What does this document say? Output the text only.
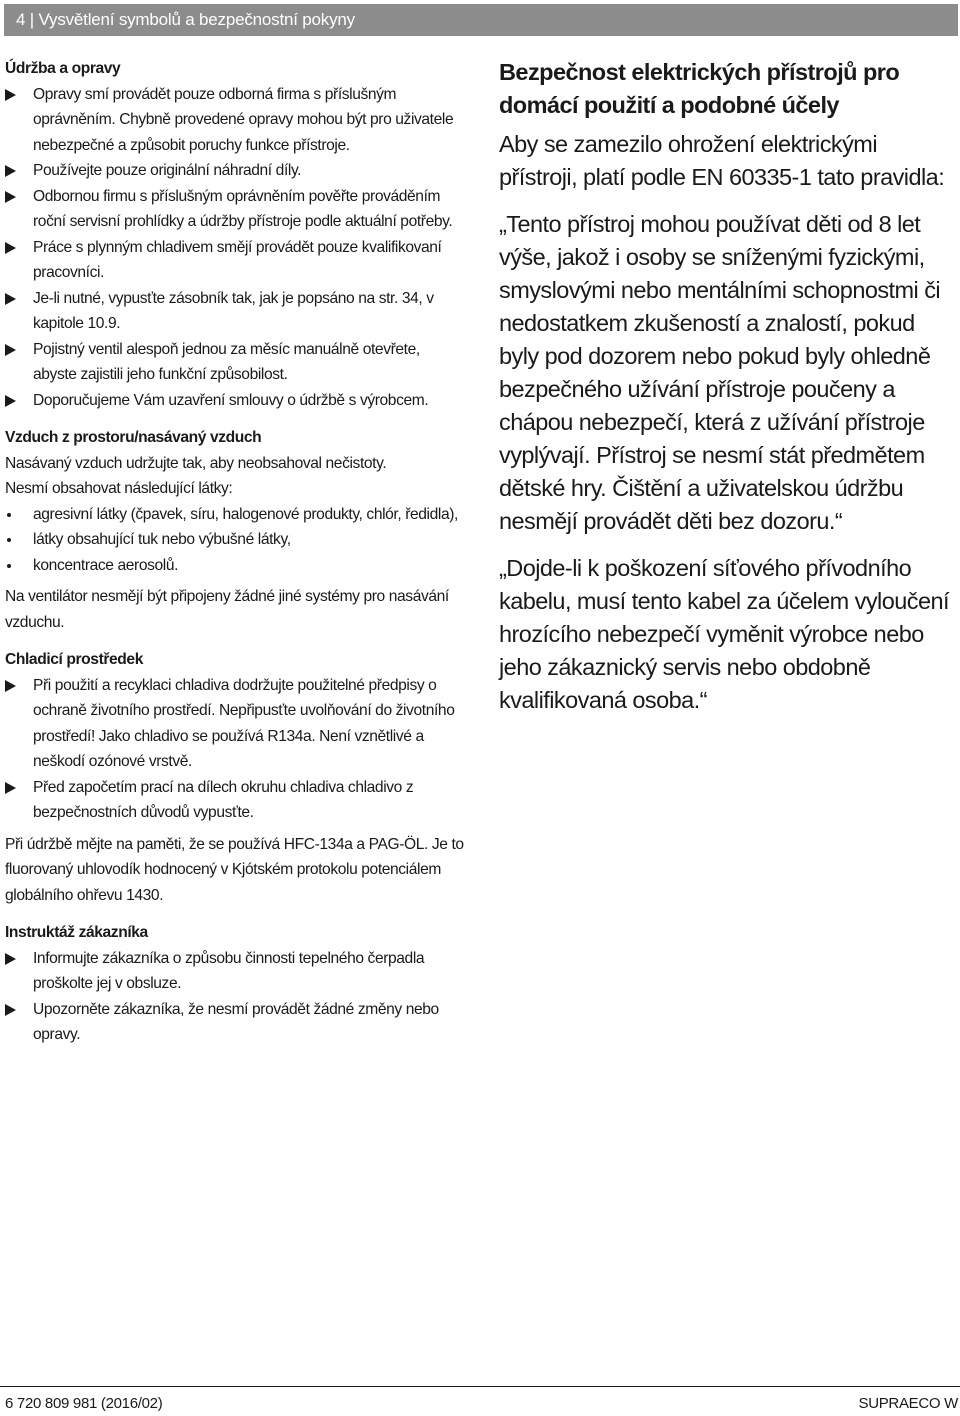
4 | Vysvětlení symbolů a bezpečnostní pokyny

Údržba a opravy

Opravy smí provádět pouze odborná firma s příslušným oprávněním. Chybně provedené opravy mohou být pro uživatele nebezpečné a způsobit poruchy funkce přístroje.

Používejte pouze originální náhradní díly.

Odbornou firmu s příslušným oprávněním pověřte prováděním roční servisní prohlídky a údržby přístroje podle aktuální potřeby.

Práce s plynným chladivem smějí provádět pouze kvalifikovaní pracovníci.

Je-li nutné, vypusťte zásobník tak, jak je popsáno na str. 34, v kapitole 10.9.

Pojistný ventil alespoň jednou za měsíc manuálně otevřete, abyste zajistili jeho funkční způsobilost.

Doporučujeme Vám uzavření smlouvy o údržbě s výrobcem.

Vzduch z prostoru/nasávaný vzduch

Nasávaný vzduch udržujte tak, aby neobsahoval nečistoty.

Nesmí obsahovat následující látky:

agresivní látky (čpavek, síru, halogenové produkty, chlór, ředidla),

látky obsahující tuk nebo výbušné látky,

koncentrace aerosolů.

Na ventilátor nesmějí být připojeny žádné jiné systémy pro nasávání vzduchu.

Chladicí prostředek

Při použití a recyklaci chladiva dodržujte použitelné předpisy o ochraně životního prostředí. Nepřipusťte uvolňování do životního prostředí! Jako chladivo se používá R134a. Není vznětlivé a neškodí ozónové vrstvě.

Před započetím prací na dílech okruhu chladiva chladivo z bezpečnostních důvodů vypusťte.

Při údržbě mějte na paměti, že se používá HFC-134a a PAG-ÖL. Je to fluorovaný uhlovodík hodnocený v Kjótském protokolu potenciálem globálního ohřevu 1430.

Instruktáž zákazníka

Informujte zákazníka o způsobu činnosti tepelného čerpadla proškolte jej v obsluze.

Upozorněte zákazníka, že nesmí provádět žádné změny nebo opravy.

Bezpečnost elektrických přístrojů pro domácí použití a podobné účely

Aby se zamezilo ohrožení elektrickými přístroji, platí podle EN 60335-1 tato pravidla:

„Tento přístroj mohou používat děti od 8 let výše, jakož i osoby se sníženými fyzickými, smyslovými nebo mentálními schopnostmi či nedostatkem zkušeností a znalostí, pokud byly pod dozorem nebo pokud byly ohledně bezpečného užívání přístroje poučeny a chápou nebezpečí, která z užívání přístroje vyplývají. Přístroj se nesmí stát předmětem dětské hry. Čištění a uživatelskou údržbu nesmějí provádět děti bez dozoru.“

„Dojde-li k poškození síťového přívodního kabelu, musí tento kabel za účelem vyloučení hrozícího nebezpečí vyměnit výrobce nebo jeho zákaznický servis nebo obdobně kvalifikovaná osoba.“

6 720 809 981 (2016/02)	SUPRAECO W
